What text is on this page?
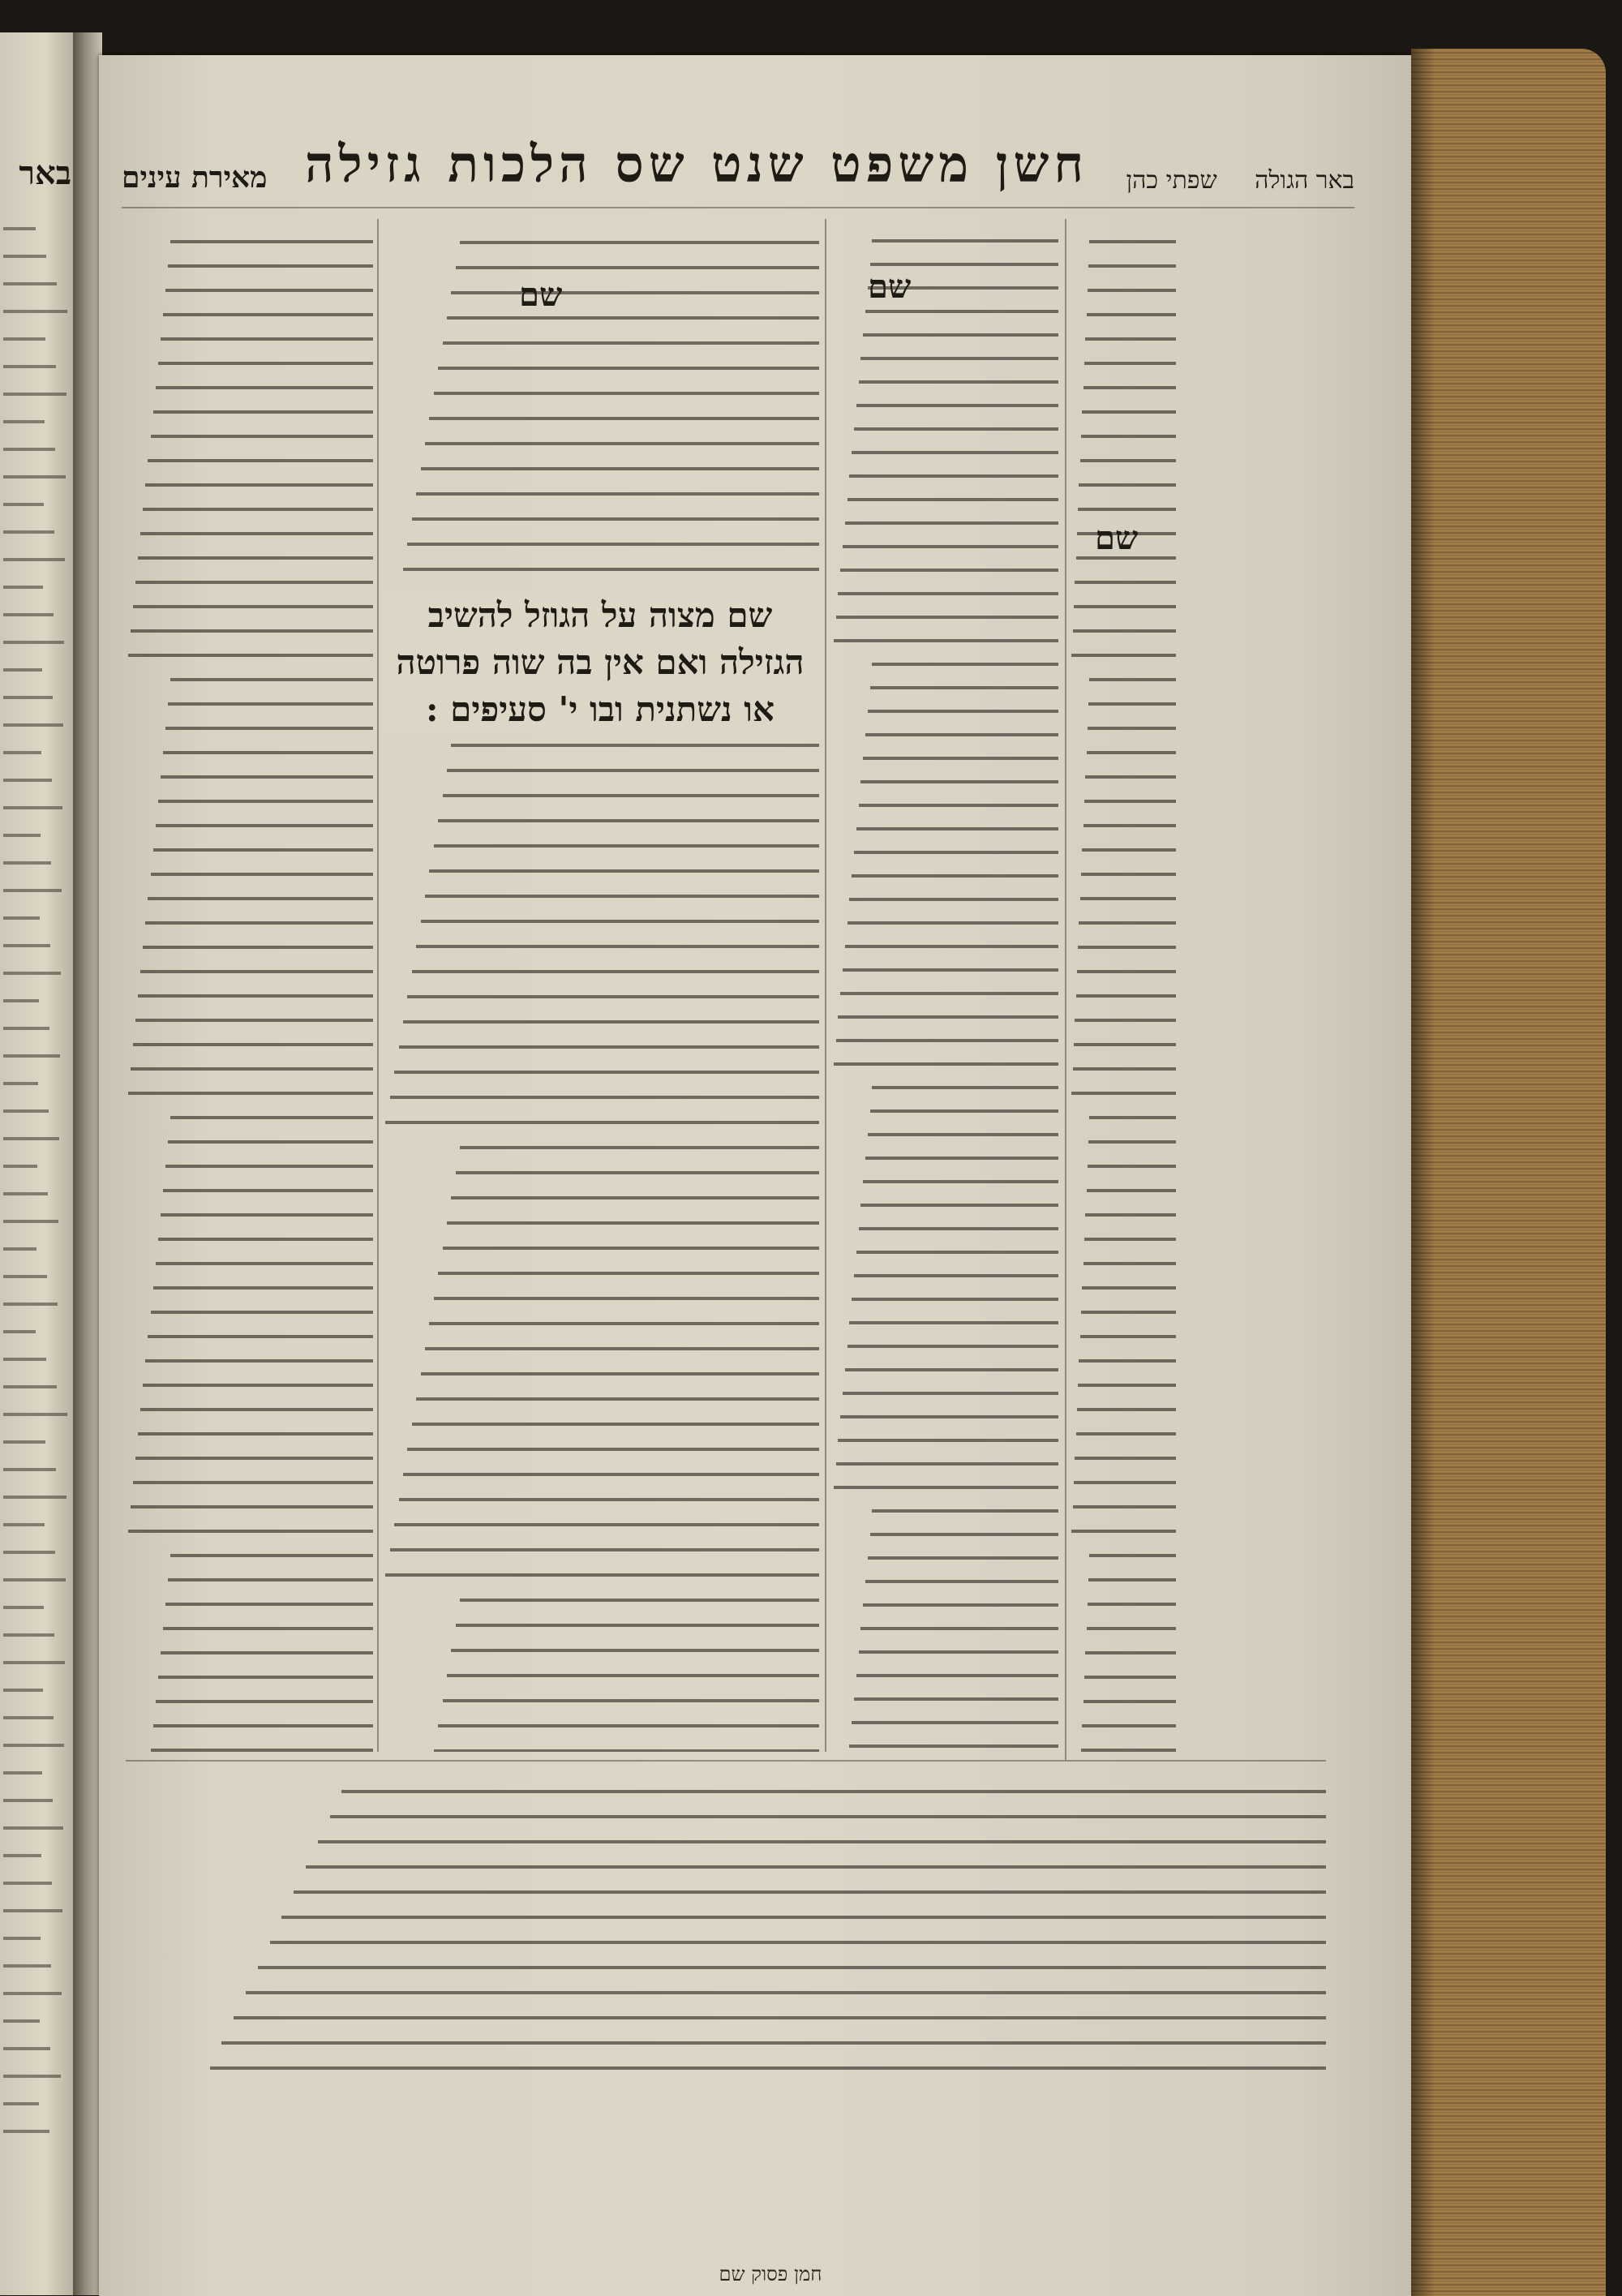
באר	באר הגולה
שפתי כהן
חשן משפט שנט שס הלכות גזילה
מאירת עינים
שם
שם
שם
שם מצוה על הגוזל להשיב הגזילה ואם אין בה שוה פרוטה או נשתנית ובו י' סעיפים :
חמן פסוק שם
